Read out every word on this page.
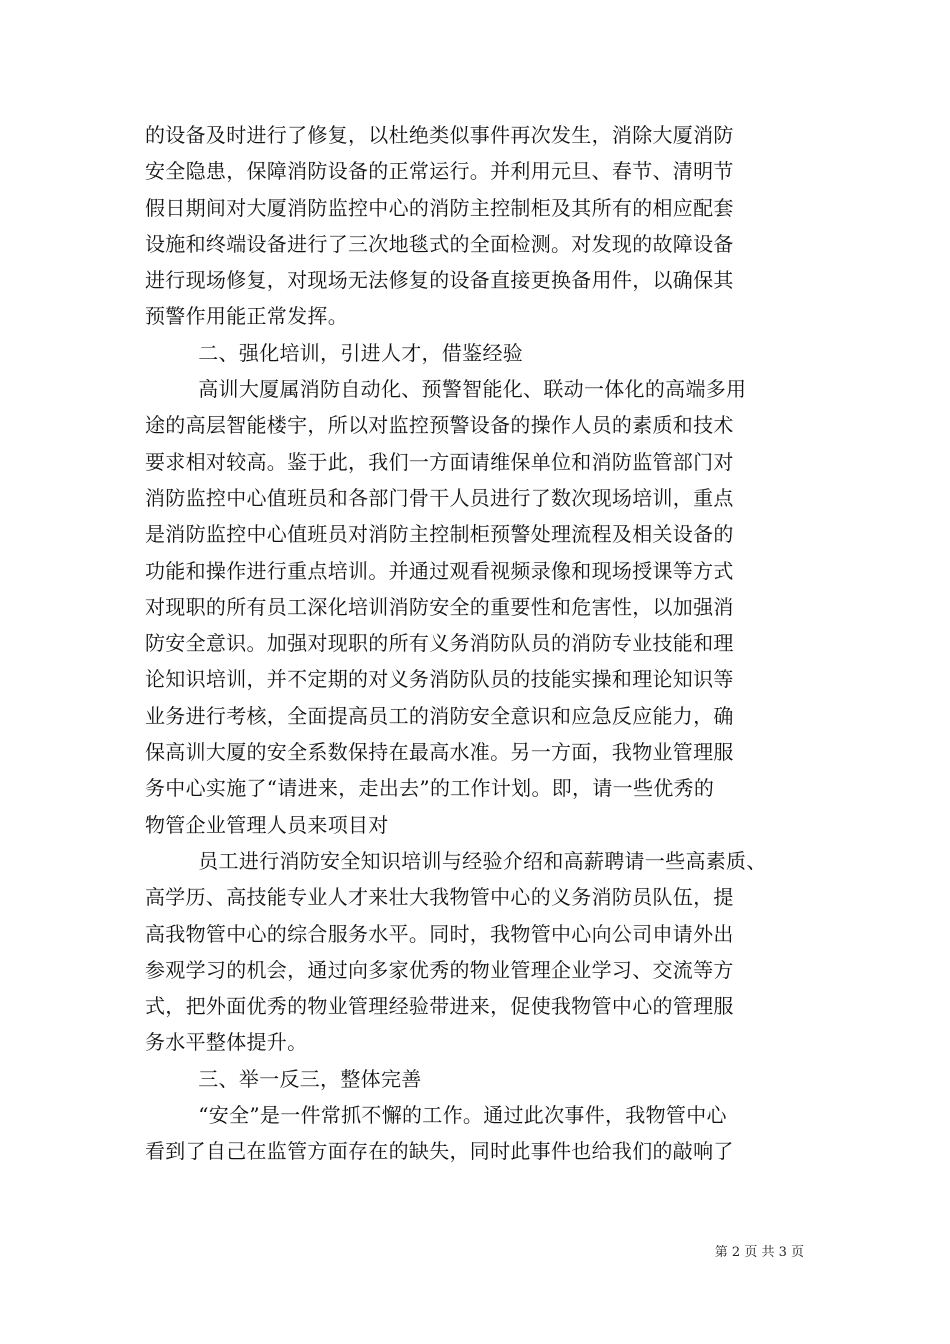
的设备及时进行了修复，以杜绝类似事件再次发生，消除大厦消防
安全隐患，保障消防设备的正常运行。并利用元旦、春节、清明节
假日期间对大厦消防监控中心的消防主控制柜及其所有的相应配套
设施和终端设备进行了三次地毯式的全面检测。对发现的故障设备
进行现场修复，对现场无法修复的设备直接更换备用件，以确保其
预警作用能正常发挥。
二、强化培训，引进人才，借鉴经验
高训大厦属消防自动化、预警智能化、联动一体化的高端多用
途的高层智能楼宇，所以对监控预警设备的操作人员的素质和技术
要求相对较高。鉴于此，我们一方面请维保单位和消防监管部门对
消防监控中心值班员和各部门骨干人员进行了数次现场培训，重点
是消防监控中心值班员对消防主控制柜预警处理流程及相关设备的
功能和操作进行重点培训。并通过观看视频录像和现场授课等方式
对现职的所有员工深化培训消防安全的重要性和危害性，以加强消
防安全意识。加强对现职的所有义务消防队员的消防专业技能和理
论知识培训，并不定期的对义务消防队员的技能实操和理论知识等
业务进行考核，全面提高员工的消防安全意识和应急反应能力，确
保高训大厦的安全系数保持在最高水准。另一方面，我物业管理服
务中心实施了“请进来，走出去”的工作计划。即，请一些优秀的
物管企业管理人员来项目对
员工进行消防安全知识培训与经验介绍和高薪聘请一些高素质、
高学历、高技能专业人才来壮大我物管中心的义务消防员队伍，提
高我物管中心的综合服务水平。同时，我物管中心向公司申请外出
参观学习的机会，通过向多家优秀的物业管理企业学习、交流等方
式，把外面优秀的物业管理经验带进来，促使我物管中心的管理服
务水平整体提升。
三、举一反三，整体完善
“安全”是一件常抓不懈的工作。通过此次事件，我物管中心
看到了自己在监管方面存在的缺失，同时此事件也给我们的敲响了
第 2 页 共 3 页
